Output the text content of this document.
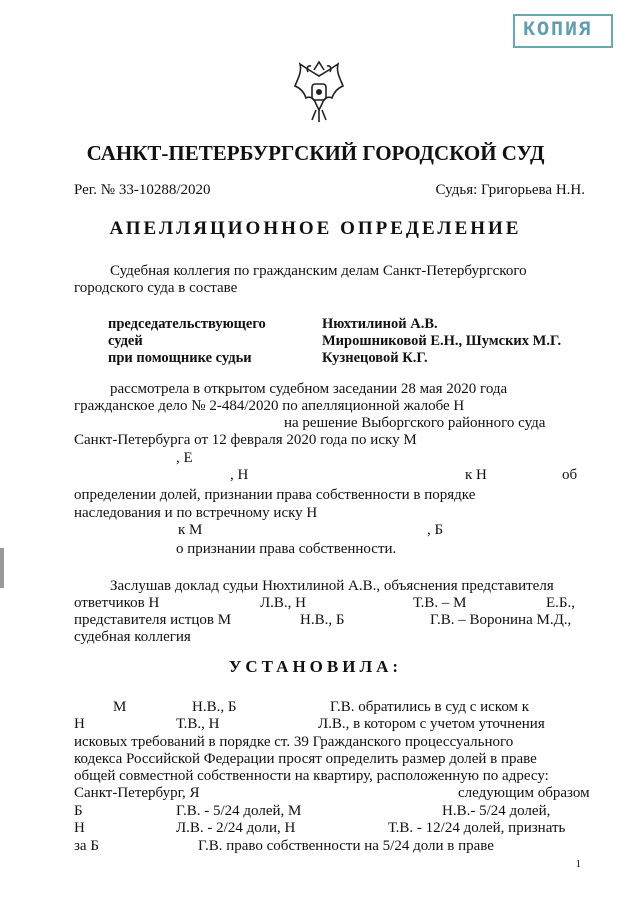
КОПИЯ
САНКТ-ПЕТЕРБУРГСКИЙ ГОРОДСКОЙ СУД
Рег. № 33-10288/2020	Судья: Григорьева Н.Н.
АПЕЛЛЯЦИОННОЕ ОПРЕДЕЛЕНИЕ
Судебная коллегия по гражданским делам Санкт-Петербургского
городского суда в составе
председательствующего	Нюхтилиной А.В.
судей	Мирошниковой Е.Н., Шумских М.Г.
при помощнике судьи	Кузнецовой К.Г.
рассмотрела в открытом судебном заседании 28 мая 2020 года
гражданское дело № 2-484/2020 по апелляционной жалобе Н
на решение Выборгского районного суда
Санкт-Петербурга от 12 февраля 2020 года по иску М
, Е
, Н	к Н	об
определении долей, признании права собственности в порядке
наследования и по встречному иску Н
к М	, Б
о признании права собственности.
Заслушав доклад судьи Нюхтилиной А.В., объяснения представителя
ответчиков Н	Л.В., Н	Т.В. – М	Е.Б.,
представителя истцов М	Н.В., Б	Г.В. – Воронина М.Д.,
судебная коллегия
УСТАНОВИЛА:
М	Н.В., Б	Г.В. обратились в суд с иском к
Н	Т.В., Н	Л.В., в котором с учетом уточнения
исковых требований в порядке ст. 39 Гражданского процессуального
кодекса Российской Федерации просят определить размер долей в праве
общей совместной собственности на квартиру, расположенную по адресу:
Санкт-Петербург, Я	следующим образом
Б	Г.В. - 5/24 долей, М	Н.В.- 5/24 долей,
Н	Л.В. - 2/24 доли, Н	Т.В. - 12/24 долей, признать
за Б	Г.В. право собственности на 5/24 доли в праве
1
